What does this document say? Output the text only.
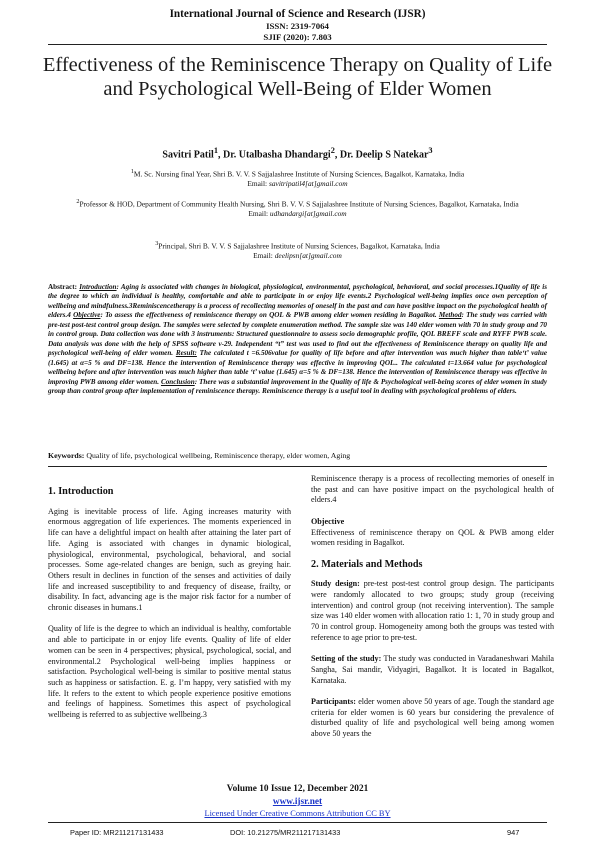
International Journal of Science and Research (IJSR)
ISSN: 2319-7064
SJIF (2020): 7.803
Effectiveness of the Reminiscence Therapy on Quality of Life and Psychological Well-Being of Elder Women
Savitri Patil$^1$, Dr. Utalbasha Dhandargi$^2$, Dr. Deelip S Natekar$^3$
$^1$M. Sc. Nursing final Year, Shri B. V. V. S Sajjalashree Institute of Nursing Sciences, Bagalkot, Karnataka, India
Email: savitripatil4[at]gmail.com
$^2$Professor & HOD, Department of Community Health Nursing, Shri B. V. V. S Sajjalashree Institute of Nursing Sciences, Bagalkot, Karnataka, India
Email: udhandargi[at]gmail.com
$^3$Principal, Shri B. V. V. S Sajjalashree Institute of Nursing Sciences, Bagalkot, Karnataka, India
Email: deelipsn[at]gmail.com
Abstract: Introduction: Aging is associated with changes in biological, physiological, environmental, psychological, behavioral, and social processes.1Quality of life is the degree to which an individual is healthy, comfortable and able to participate in or enjoy life events.2 Psychological well-being implies once own perception of wellbeing and mindfulness.3Reminiscencetherapy is a process of recollecting memories of oneself in the past and can have positive impact on the psychological health of elders.4 Objective: To assess the effectiveness of reminiscence therapy on QOL & PWB among elder women residing in Bagalkot. Method: The study was carried with pre-test post-test control group design. The samples were selected by complete enumeration method. The sample size was 140 elder women with 70 in study group and 70 in control group. Data collection was done with 3 instruments: Structured questionnaire to assess socio demographic profile, QOL BREFF scale and RYFF PWB scale. Data analysis was done with the help of SPSS software v-29. Independent “t” test was used to find out the effectiveness of Reminiscence therapy on quality life and psychological well-being of elder women. Result: The calculated t =6.506value for quality of life before and after intervention was much higher than table‘t’ value (1.645) at α=5 % and DF=138. Hence the intervention of Reminiscence therapy was effective in improving QOL.. The calculated t=13.664 value for psychological wellbeing before and after intervention was much higher than table ‘t’ value (1.645) α=5 % & DF=138. Hence the intervention of Reminiscence therapy was effective in improving PWB among elder women. Conclusion: There was a substantial improvement in the Quality of life & Psychological well-being scores of elder women in study group than control group after implementation of reminiscence therapy. Reminiscence therapy is a useful tool in dealing with psychological problems of elders.
Keywords: Quality of life, psychological wellbeing, Reminiscence therapy, elder women, Aging
1. Introduction

Aging is inevitable process of life. Aging increases maturity with enormous aggregation of life experiences. The moments experienced in life can have a delightful impact on health after attaining the later part of life. Aging is associated with changes in dynamic biological, physiological, environmental, psychological, behavioral, and social processes. Some age-related changes are benign, such as greying hair. Others result in declines in function of the senses and activities of daily life and increased susceptibility to and frequency of disease, frailty, or disability. In fact, advancing age is the major risk factor for a number of chronic diseases in humans.1

Quality of life is the degree to which an individual is healthy, comfortable and able to participate in or enjoy life events. Quality of life of elder women can be seen in 4 perspectives; physical, psychological, social, and environmental.2 Psychological well-being implies happiness or satisfaction. Psychological well-being is similar to positive mental status such as happiness or satisfaction. E. g. I’m happy, very satisfied with my life. It refers to the extent to which people experience positive emotions and feelings of happiness. Sometimes this aspect of psychological wellbeing is referred to as subjective wellbeing.3

Reminiscence therapy is a process of recollecting memories of oneself in the past and can have positive impact on the psychological health of elders.4

Objective

Effectiveness of reminiscence therapy on QOL & PWB among elder women residing in Bagalkot.

2. Materials and Methods

Study design: pre-test post-test control group design. The participants were randomly allocated to two groups; study group (receiving intervention) and control group (not receiving intervention). The sample size was 140 elder women with allocation ratio 1: 1, 70 in study group and 70 in control group. Homogeneity among both the groups was tested with reference to age prior to pre-test.

Setting of the study: The study was conducted in Varadaneshwari Mahila Sangha, Sai mandir, Vidyagiri, Bagalkot. It is located in Bagalkot, Karnataka.

Participants: elder women above 50 years of age. Tough the standard age criteria for elder women is 60 years bur considering the prevalence of disturbed quality of life and psychological well being among women above 50 years the

Volume 10 Issue 12, December 2021
www.ijsr.net
Licensed Under Creative Commons Attribution CC BY
Paper ID: MR211217131433	DOI: 10.21275/MR211217131433	947
